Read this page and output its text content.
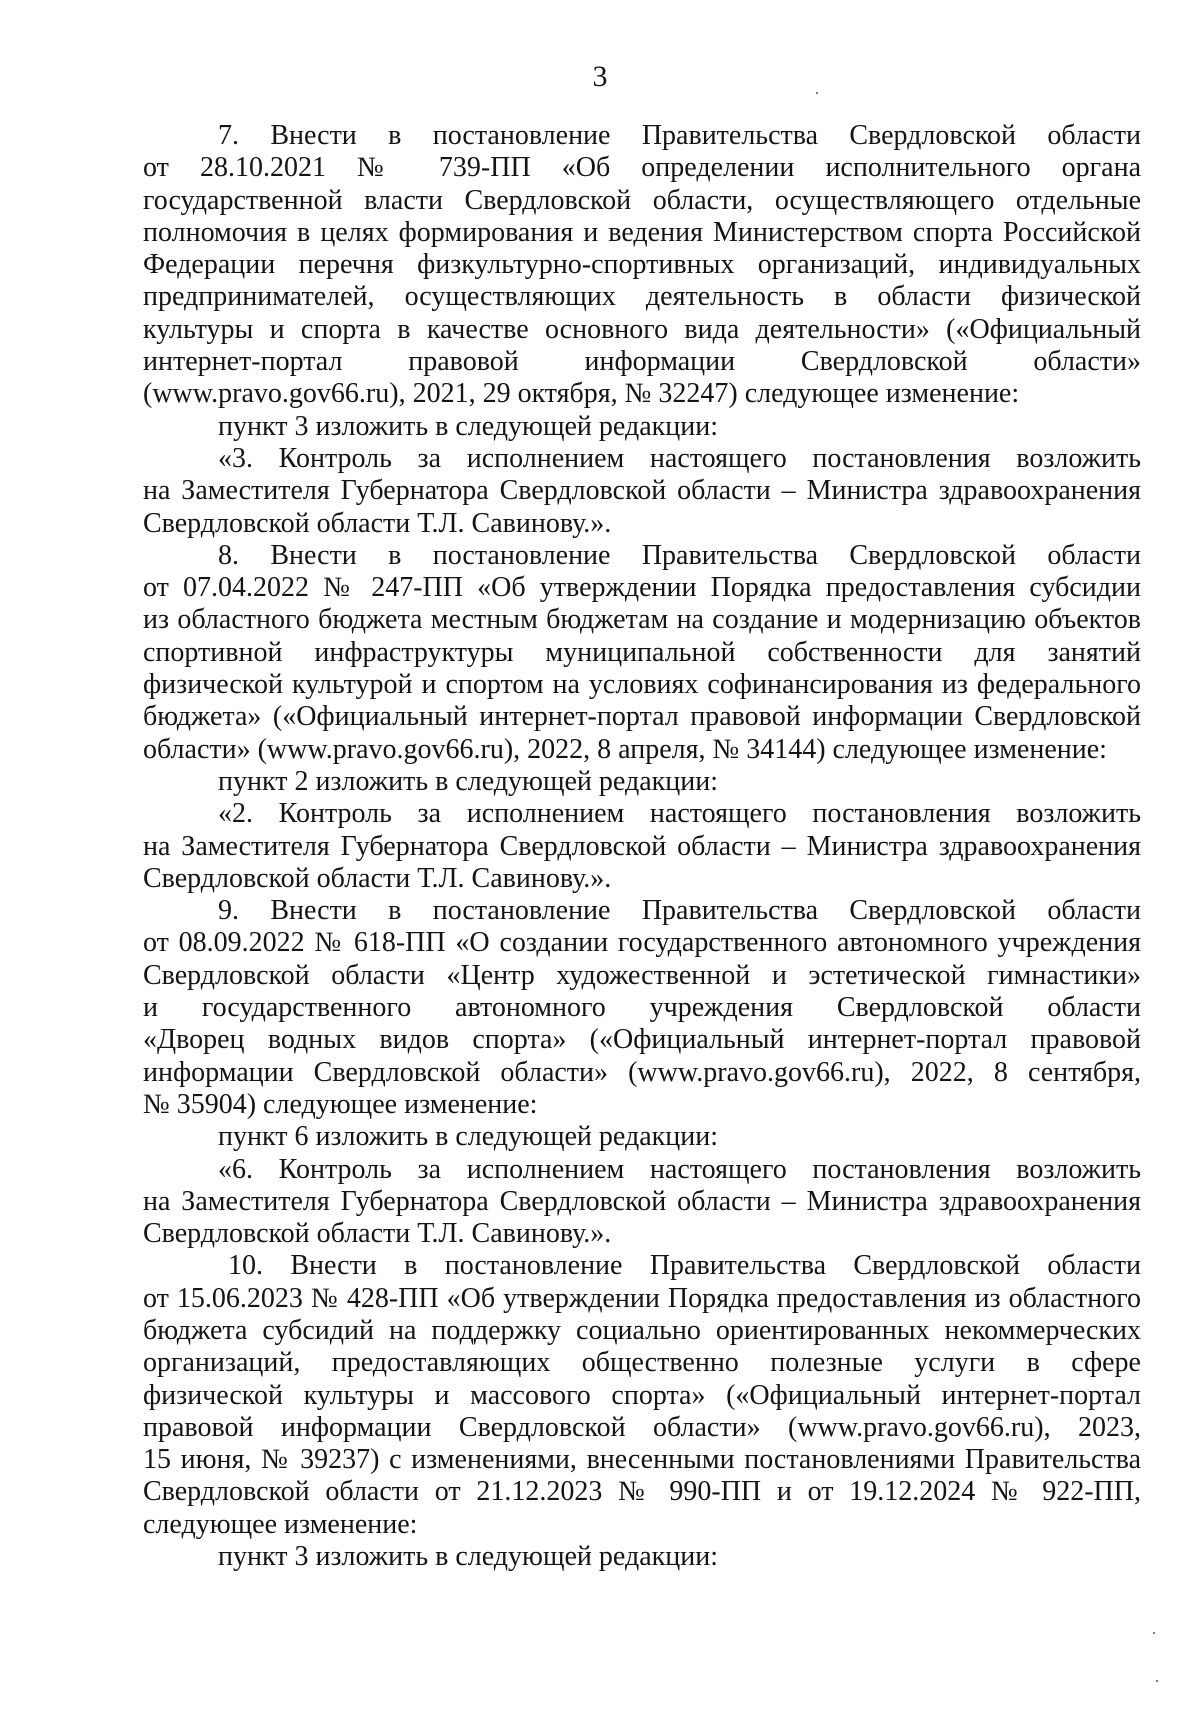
3
7. Внести в постановление Правительства Свердловской области
от 28.10.2021 № 739-ПП «Об определении исполнительного органа
государственной власти Свердловской области, осуществляющего отдельные
полномочия в целях формирования и ведения Министерством спорта Российской
Федерации перечня физкультурно-спортивных организаций, индивидуальных
предпринимателей, осуществляющих деятельность в области физической
культуры и спорта в качестве основного вида деятельности» («Официальный
интернет-портал правовой информации Свердловской области»
(www.pravo.gov66.ru), 2021, 29 октября, № 32247) следующее изменение:
пункт 3 изложить в следующей редакции:
«3. Контроль за исполнением настоящего постановления возложить
на Заместителя Губернатора Свердловской области – Министра здравоохранения
Свердловской области Т.Л. Савинову.».
8. Внести в постановление Правительства Свердловской области
от 07.04.2022 № 247-ПП «Об утверждении Порядка предоставления субсидии
из областного бюджета местным бюджетам на создание и модернизацию объектов
спортивной инфраструктуры муниципальной собственности для занятий
физической культурой и спортом на условиях софинансирования из федерального
бюджета» («Официальный интернет-портал правовой информации Свердловской
области» (www.pravo.gov66.ru), 2022, 8 апреля, № 34144) следующее изменение:
пункт 2 изложить в следующей редакции:
«2. Контроль за исполнением настоящего постановления возложить
на Заместителя Губернатора Свердловской области – Министра здравоохранения
Свердловской области Т.Л. Савинову.».
9. Внести в постановление Правительства Свердловской области
от 08.09.2022 № 618-ПП «О создании государственного автономного учреждения
Свердловской области «Центр художественной и эстетической гимнастики»
и государственного автономного учреждения Свердловской области
«Дворец водных видов спорта» («Официальный интернет-портал правовой
информации Свердловской области» (www.pravo.gov66.ru), 2022, 8 сентября,
№ 35904) следующее изменение:
пункт 6 изложить в следующей редакции:
«6. Контроль за исполнением настоящего постановления возложить
на Заместителя Губернатора Свердловской области – Министра здравоохранения
Свердловской области Т.Л. Савинову.».
10. Внести в постановление Правительства Свердловской области
от 15.06.2023 № 428-ПП «Об утверждении Порядка предоставления из областного
бюджета субсидий на поддержку социально ориентированных некоммерческих
организаций, предоставляющих общественно полезные услуги в сфере
физической культуры и массового спорта» («Официальный интернет-портал
правовой информации Свердловской области» (www.pravo.gov66.ru), 2023,
15 июня, № 39237) с изменениями, внесенными постановлениями Правительства
Свердловской области от 21.12.2023 № 990-ПП и от 19.12.2024 № 922-ПП,
следующее изменение:
пункт 3 изложить в следующей редакции:
